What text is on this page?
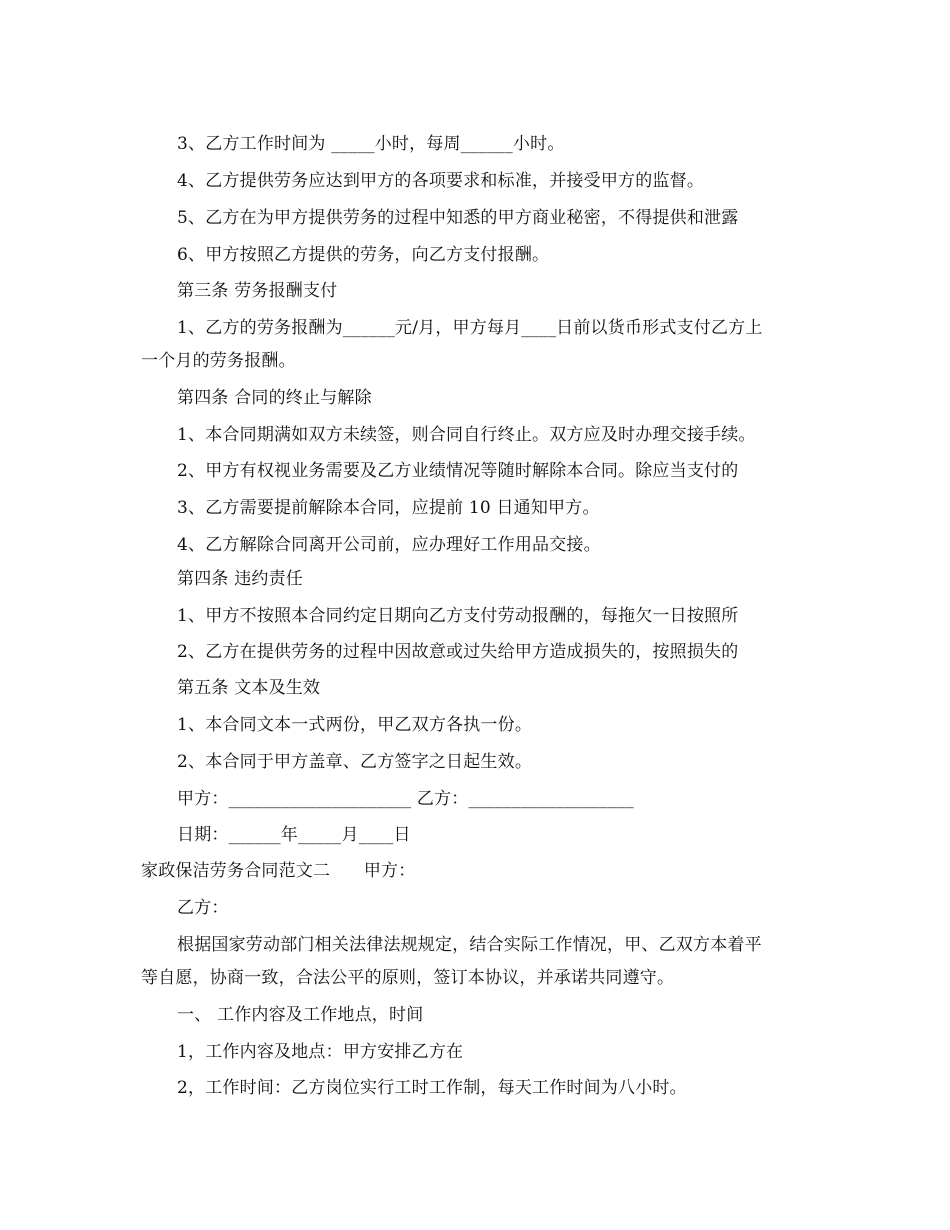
3、乙方工作时间为 _____小时，每周______小时。
4、乙方提供劳务应达到甲方的各项要求和标准，并接受甲方的监督。
5、乙方在为甲方提供劳务的过程中知悉的甲方商业秘密，不得提供和泄露
6、甲方按照乙方提供的劳务，向乙方支付报酬。
第三条 劳务报酬支付
1、乙方的劳务报酬为______元/月，甲方每月____日前以货币形式支付乙方上
一个月的劳务报酬。
第四条 合同的终止与解除
1、本合同期满如双方未续签，则合同自行终止。双方应及时办理交接手续。
2、甲方有权视业务需要及乙方业绩情况等随时解除本合同。除应当支付的
3、乙方需要提前解除本合同，应提前 10 日通知甲方。
4、乙方解除合同离开公司前，应办理好工作用品交接。
第四条 违约责任
1、甲方不按照本合同约定日期向乙方支付劳动报酬的，每拖欠一日按照所
2、乙方在提供劳务的过程中因故意或过失给甲方造成损失的，按照损失的
第五条 文本及生效
1、本合同文本一式两份，甲乙双方各执一份。
2、本合同于甲方盖章、乙方签字之日起生效。
甲方：_____________________ 乙方：___________________
日期：______年_____月____日
家政保洁劳务合同范文二      甲方：
乙方：
根据国家劳动部门相关法律法规规定，结合实际工作情况，甲、乙双方本着平
等自愿，协商一致，合法公平的原则，签订本协议，并承诺共同遵守。
一、 工作内容及工作地点，时间
1，工作内容及地点：甲方安排乙方在
2，工作时间：乙方岗位实行工时工作制，每天工作时间为八小时。
